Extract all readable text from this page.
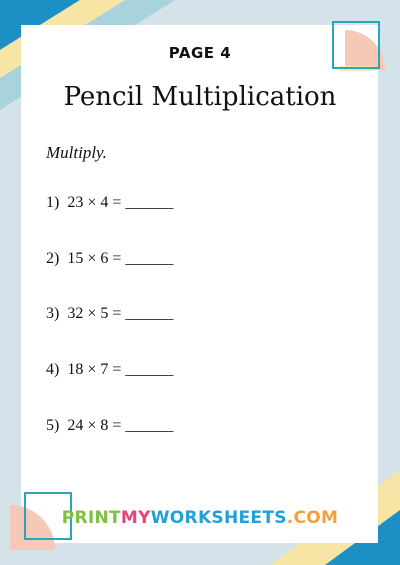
PAGE 4
Pencil Multiplication
Multiply.
1) 23 × 4 = ______
2) 15 × 6 = ______
3) 32 × 5 = ______
4) 18 × 7 = ______
5) 24 × 8 = ______
PRINTMYWORKSHEETS.COM
